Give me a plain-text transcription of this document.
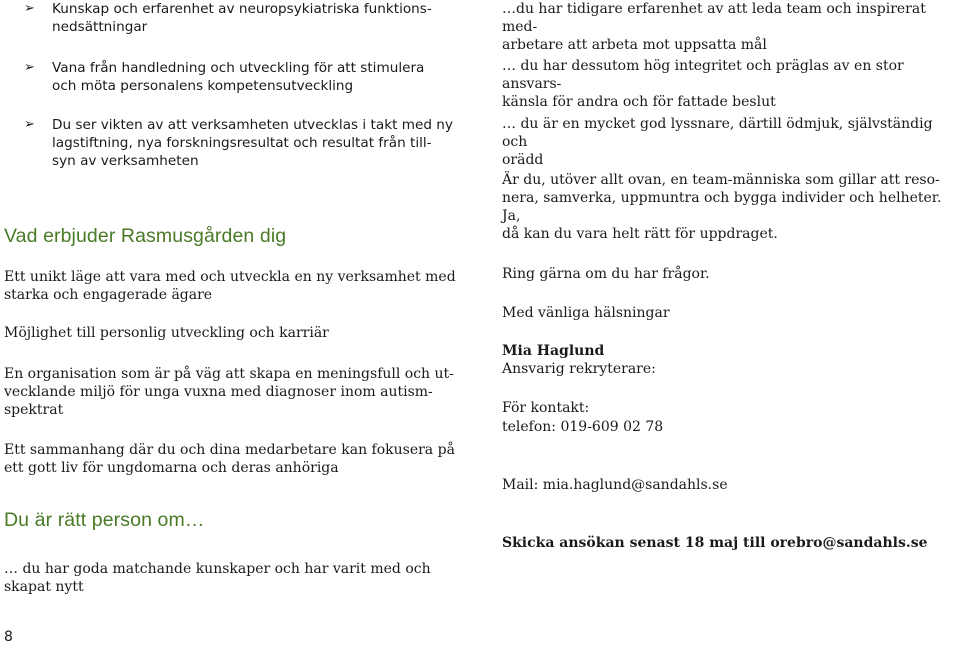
➢ Kunskap och erfarenhet av neuropsykiatriska funktions-
nedsättningar
➢ Vana från handledning och utveckling för att stimulera
och möta personalens kompetensutveckling
➢ Du ser vikten av att verksamheten utvecklas i takt med ny
lagstiftning, nya forskningsresultat och resultat från till-
syn av verksamheten
Vad erbjuder Rasmusgården dig
Ett unikt läge att vara med och utveckla en ny verksamhet med
starka och engagerade ägare
Möjlighet till personlig utveckling och karriär
En organisation som är på väg att skapa en meningsfull och ut-
vecklande miljö för unga vuxna med diagnoser inom autism-
spektrat
Ett sammanhang där du och dina medarbetare kan fokusera på
ett gott liv för ungdomarna och deras anhöriga
Du är rätt person om…
… du har goda matchande kunskaper och har varit med och
skapat nytt
8
…du har tidigare erfarenhet av att leda team och inspirerat med-
arbetare att arbeta mot uppsatta mål
… du har dessutom hög integritet och präglas av en stor ansvars-
känsla för andra och för fattade beslut
… du är en mycket god lyssnare, därtill ödmjuk, självständig och
orädd
Är du, utöver allt ovan, en team-människa som gillar att reso-
nera, samverka, uppmuntra och bygga individer och helheter. Ja,
då kan du vara helt rätt för uppdraget.
Ring gärna om du har frågor.
Med vänliga hälsningar
Mia Haglund
Ansvarig rekryterare:
För kontakt:
telefon: 019-609 02 78
Mail: mia.haglund@sandahls.se
Skicka ansökan senast 18 maj till orebro@sandahls.se
